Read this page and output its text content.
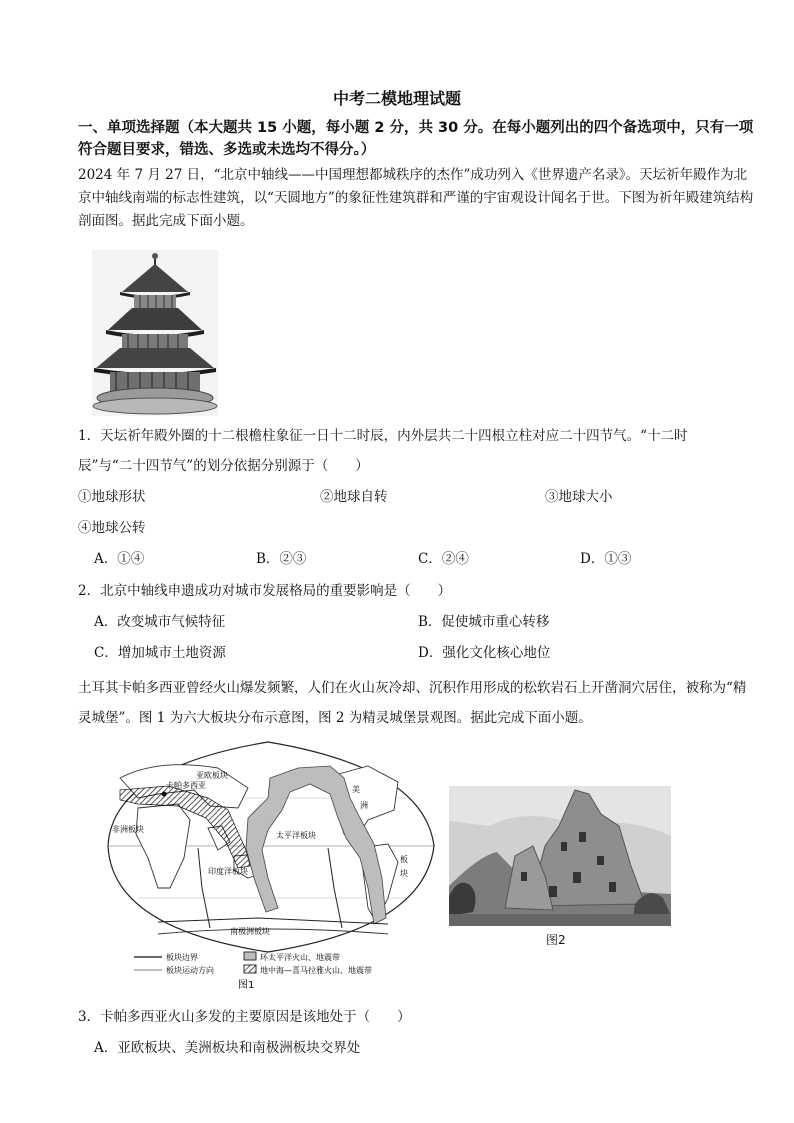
中考二模地理试题
一、单项选择题（本大题共 15 小题，每小题 2 分，共 30 分。在每小题列出的四个备选项中，只有一项符合题目要求，错选、多选或未选均不得分。）
2024 年 7 月 27 日，“北京中轴线——中国理想都城秩序的杰作”成功列入《世界遗产名录》。天坛祈年殿作为北京中轴线南端的标志性建筑，以“天圆地方”的象征性建筑群和严谨的宇宙观设计闻名于世。下图为祈年殿建筑结构剖面图。据此完成下面小题。
1．天坛祈年殿外圈的十二根檐柱象征一日十二时辰，内外层共二十四根立柱对应二十四节气。“十二时
辰”与“二十四节气”的划分依据分别源于（　　）
①地球形状	②地球自转	③地球大小
④地球公转
A．①④	B．②③	C．②④	D．①③
2．北京中轴线申遗成功对城市发展格局的重要影响是（　　）
A．改变城市气候特征	B．促使城市重心转移
C．增加城市土地资源	D．强化文化核心地位
土耳其卡帕多西亚曾经火山爆发频繁，人们在火山灰冷却、沉积作用形成的松软岩石上开凿洞穴居住，被称为“精灵城堡”。图 1 为六大板块分布示意图，图 2 为精灵城堡景观图。据此完成下面小题。
卡帕多西亚
亚欧板块
非洲板块
太平洋板块
美
洲
板
块
印度洋板块
南极洲板块
板块边界	环太平洋火山、地震带
板块运动方向	地中海—喜马拉雅火山、地震带
图1
图2
3．卡帕多西亚火山多发的主要原因是该地处于（　　）
A．亚欧板块、美洲板块和南极洲板块交界处
